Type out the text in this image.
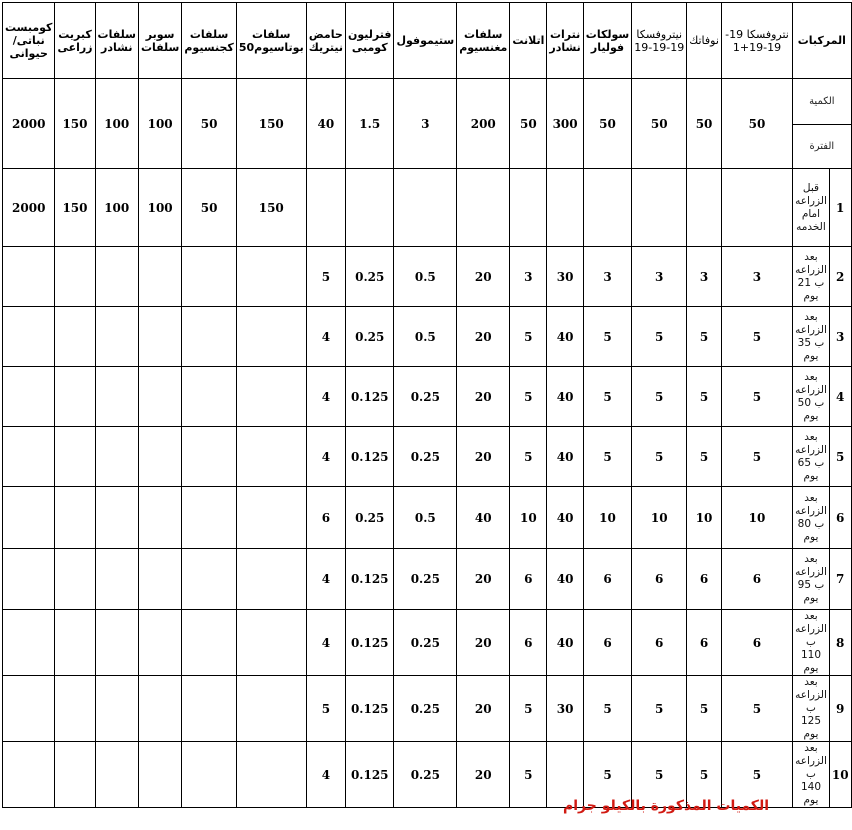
المركبات		نتروفسكا 19-19-19+1	نوفاتك	نيتروفسكا 19-19-19	سولكات فوليار	نترات نشادر	اتلانت	سلفات مغنسيوم	ستيموفول	فترليون كومبى	حامض نيتريك	سلفات بوتاسيوم50	سلفات كجنسيوم	سوبر سلفات	سلفات نشادر	كبريت زراعى	كومبست نباتى/ حيوانى
الكمية		50	50	50	50	300	50	200	3	1.5	40	150	50	100	100	150	2000
الفترة																	
1	قبل الزراعه امام الخدمه											150	50	100	100	150	2000
2	بعد الزراعه ب 21 يوم	3	3	3	3	30	3	20	0.5	0.25	5						
3	بعد الزراعه ب 35 يوم	5	5	5	5	40	5	20	0.5	0.25	4						
4	بعد الزراعه ب 50 يوم	5	5	5	5	40	5	20	0.25	0.125	4						
5	بعد الزراعه ب 65 يوم	5	5	5	5	40	5	20	0.25	0.125	4						
6	بعد الزراعه ب 80 يوم	10	10	10	10	40	10	40	0.5	0.25	6						
7	بعد الزراعه ب 95 يوم	6	6	6	6	40	6	20	0.25	0.125	4						
8	بعد الزراعه ب 110 يوم	6	6	6	6	40	6	20	0.25	0.125	4						
9	بعد الزراعه ب 125 يوم	5	5	5	5	30	5	20	0.25	0.125	5						
10	بعد الزراعه ب 140 يوم	5	5	5	5		5	20	0.25	0.125	4						

الكميات المذكورة بالكيلو جرام
